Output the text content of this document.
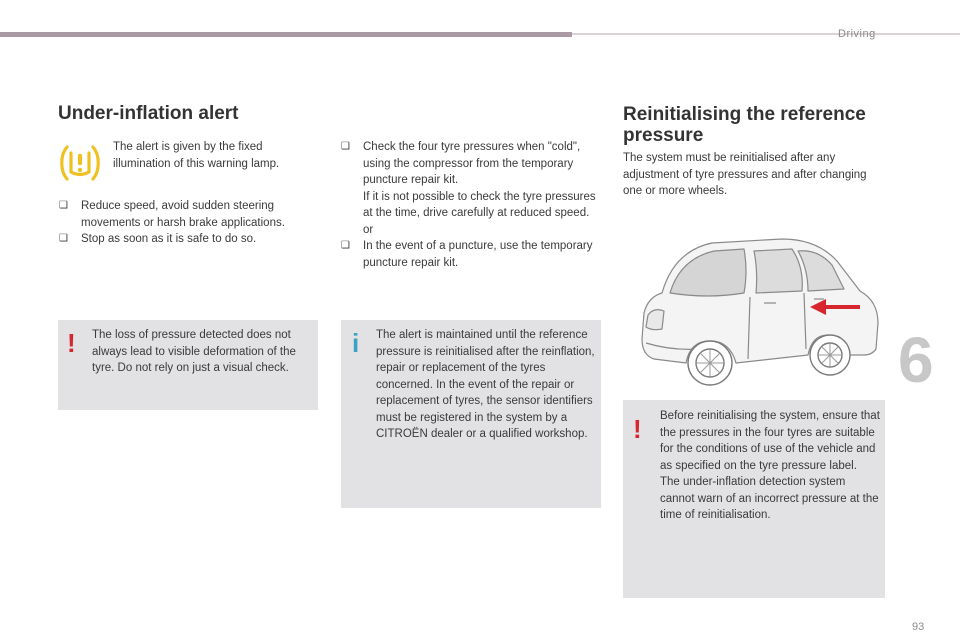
Driving
Under-inflation alert
The alert is given by the fixed illumination of this warning lamp.
❑	Reduce speed, avoid sudden steering movements or harsh brake applications.
❑	Stop as soon as it is safe to do so.
! The loss of pressure detected does not always lead to visible deformation of the tyre. Do not rely on just a visual check.
❑	Check the four tyre pressures when "cold", using the compressor from the temporary puncture repair kit.
If it is not possible to check the tyre pressures at the time, drive carefully at reduced speed.
or
❑	In the event of a puncture, use the temporary puncture repair kit.
i The alert is maintained until the reference pressure is reinitialised after the reinflation, repair or replacement of the tyres concerned. In the event of the repair or replacement of tyres, the sensor identifiers must be registered in the system by a CITROËN dealer or a qualified workshop.
Reinitialising the reference pressure
The system must be reinitialised after any adjustment of tyre pressures and after changing one or more wheels.
! Before reinitialising the system, ensure that the pressures in the four tyres are suitable for the conditions of use of the vehicle and as specified on the tyre pressure label.
The under-inflation detection system cannot warn of an incorrect pressure at the time of reinitialisation.
6
93
